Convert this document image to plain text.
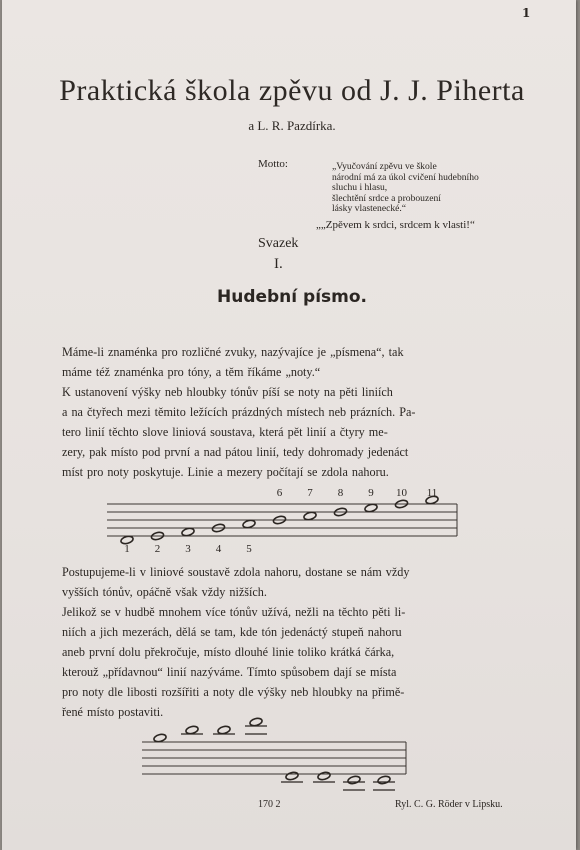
1
Praktická škola zpěvu od J. J. Piherta
a L. R. Pazdírka.
Motto:	„Vyučování zpěvu ve škole
národní má za úkol cvičení hudebního sluchu i hlasu,
šlechtění srdce a probouzení
lásky vlastenecké.“
„„Zpěvem k srdci, srdcem k vlasti!“
Svazek
I.
Hudební písmo.
Máme-li znaménka pro rozličné zvuky, nazývajíce je „písmena“, tak
máme též znaménka pro tóny, a těm říkáme „noty.“
K ustanovení výšky neb hloubky tónův píší se noty na pěti liniích
a na čtyřech mezi těmito ležících prázdných místech neb prázních. Pa-
tero linií těchto slove liniová soustava, která pět linií a čtyry me-
zery, pak místo pod první a nad pátou linií, tedy dohromady jedenáct
míst pro noty poskytuje. Linie a mezery počítají se zdola nahoru.
1 2 3 4 5
6 7 8 9 10 11
Postupujeme-li v liniové soustavě zdola nahoru, dostane se nám vždy
vyšších tónův, opáčně však vždy nižších.
Jelikož se v hudbě mnohem více tónův užívá, nežli na těchto pěti li-
niích a jich mezerách, dělá se tam, kde tón jedenáctý stupeň nahoru
aneb první dolu překročuje, místo dlouhé linie toliko krátká čárka,
kterouž „přídavnou“ linií nazýváme. Tímto spůsobem dají se místa
pro noty dle libosti rozšířiti a noty dle výšky neb hloubky na přimě-
řené místo postaviti.
170 2	Ryl. C. G. Röder v Lipsku.
